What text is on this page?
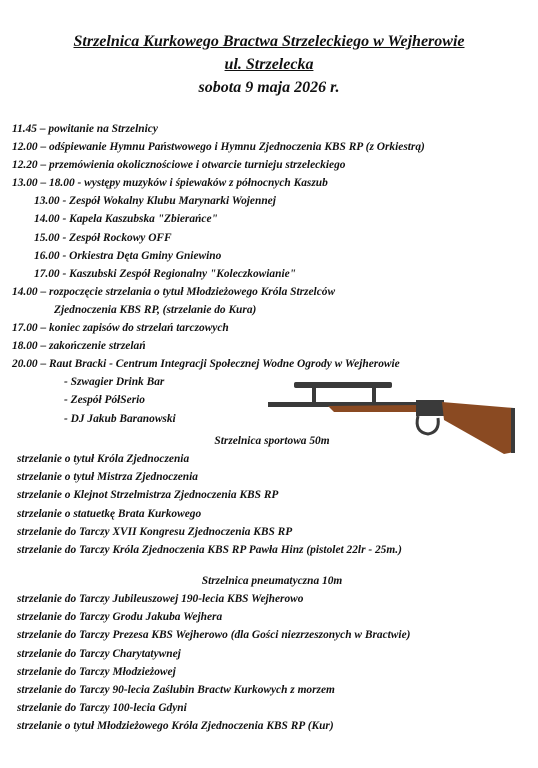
Strzelnica Kurkowego Bractwa Strzeleckiego w Wejherowie
ul. Strzelecka
sobota 9 maja 2026 r.
11.45 – powitanie na Strzelnicy
12.00 – odśpiewanie Hymnu Państwowego i Hymnu Zjednoczenia KBS RP (z Orkiestrą)
12.20 – przemówienia okolicznościowe i otwarcie turnieju strzeleckiego
13.00 – 18.00 - występy muzyków i śpiewaków z północnych Kaszub
13.00 - Zespół Wokalny Klubu Marynarki Wojennej
14.00 - Kapela Kaszubska "Zbierańce"
15.00 - Zespół Rockowy OFF
16.00 - Orkiestra Dęta Gminy Gniewino
17.00 - Kaszubski Zespół Regionalny "Koleczkowianie"
14.00 – rozpoczęcie strzelania o tytuł Młodzieżowego Króla Strzelców
Zjednoczenia KBS RP, (strzelanie do Kura)
17.00 – koniec zapisów do strzelań tarczowych
18.00 – zakończenie strzelań
20.00 – Raut Bracki - Centrum Integracji Społecznej Wodne Ogrody w Wejherowie
- Szwagier Drink Bar
- Zespół PółSerio
- DJ Jakub Baranowski
Strzelnica sportowa 50m
strzelanie o tytuł Króla Zjednoczenia
strzelanie o tytuł Mistrza Zjednoczenia
strzelanie o Klejnot Strzelmistrza Zjednoczenia KBS RP
strzelanie o statuetkę Brata Kurkowego
strzelanie do Tarczy XVII Kongresu Zjednoczenia KBS RP
strzelanie do Tarczy Króla Zjednoczenia KBS RP Pawła Hinz (pistolet 22lr - 25m.)
Strzelnica pneumatyczna 10m
strzelanie do Tarczy Jubileuszowej 190-lecia KBS Wejherowo
strzelanie do Tarczy Grodu Jakuba Wejhera
strzelanie do Tarczy Prezesa KBS Wejherowo (dla Gości niezrzeszonych w Bractwie)
strzelanie do Tarczy Charytatywnej
strzelanie do Tarczy Młodzieżowej
strzelanie do Tarczy 90-lecia Zaślubin Bractw Kurkowych z morzem
strzelanie do Tarczy 100-lecia Gdyni
strzelanie o tytuł Młodzieżowego Króla Zjednoczenia KBS RP (Kur)
